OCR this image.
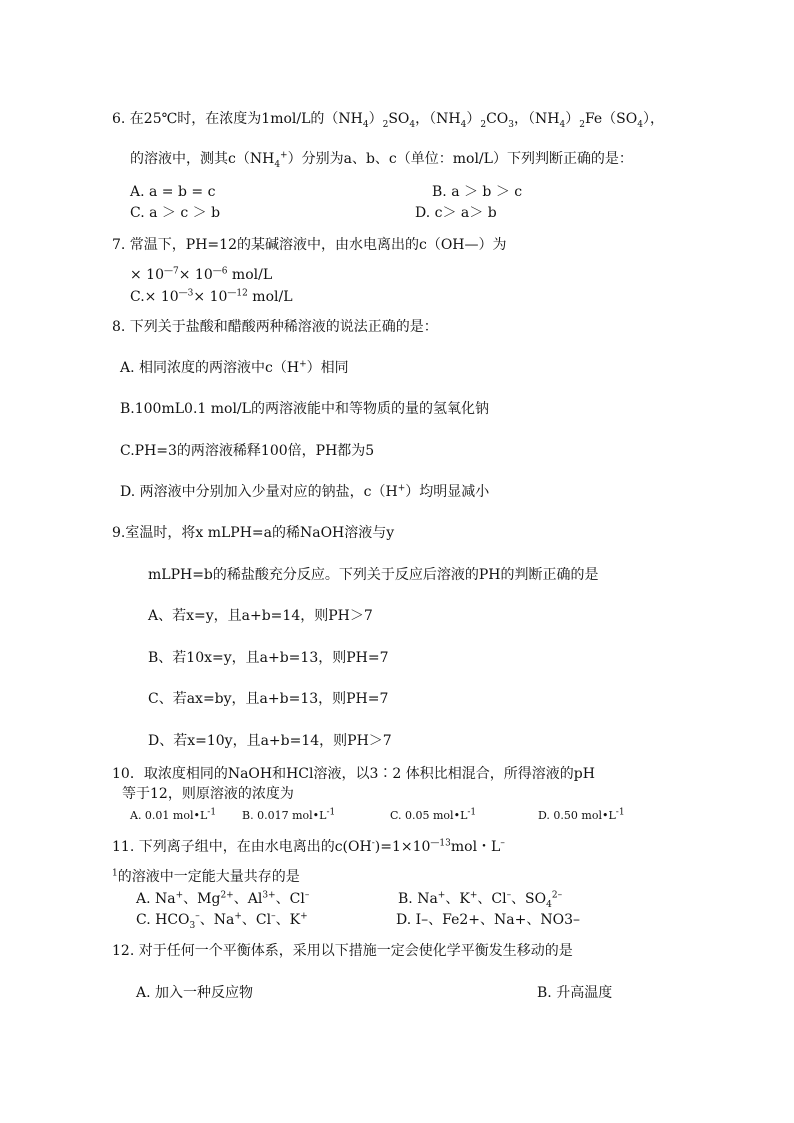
6. 在25℃时，在浓度为1mol/L的$(NH_4)_2SO_4$，$(NH_4)_2CO_3$，$(NH_4)_2Fe(SO_4)$，
的溶液中，测其$c(NH_4^+)$分别为a、b、c（单位：mol/L）下列判断正确的是：
A. a = b = c	B. a ＞ b ＞ c
C. a ＞ c ＞ b	D. c＞ a＞ b
7. 常温下，PH=12的某碱溶液中，由水电离出的c（OH—）为
× $10^{—7}\times 10^{—6}$ mol/L
$C.\times 10^{—3}\times 10^{—12}$ mol/L
8. 下列关于盐酸和醋酸两种稀溶液的说法正确的是：
A. 相同浓度的两溶液中c（H+）相同
B.100mL0.1 mol/L的两溶液能中和等物质的量的氢氧化钠
C.PH=3的两溶液稀释100倍，PH都为5
D. 两溶液中分别加入少量对应的钠盐，c（H+）均明显减小
9.室温时，将x mLPH=a的稀NaOH溶液与y
mLPH=b的稀盐酸充分反应。下列关于反应后溶液的PH的判断正确的是
A、若x=y，且a+b=14，则PH＞7
B、若10x=y，且a+b=13，则PH=7
C、若ax=by，且a+b=13，则PH=7
D、若x=10y，且a+b=14，则PH＞7
10．取浓度相同的NaOH和HCl溶液，以3∶2 体积比相混合，所得溶液的pH
等于12，则原溶液的浓度为
A. 0.01 $mol•L^{-1}$ B. 0.017 $mol•L^{-1}$	C. 0.05 $mol•L^{-1}$	D. 0.50 $mol•L^{-1}$
11. 下列离子组中，在由水电离出的$c(OH^-)=1\times 10^{—13}mol$・L–
$^1$的溶液中一定能大量共存的是
A. Na+、$Mg^{2+}$、$Al^{3+}$、Cl–	B. Na+、K+、Cl–、$SO_4^{2-}$
C. $HCO_3^-$、Na+、Cl–、K+	D. I–、Fe2+、Na+、NO3–
12. 对于任何一个平衡体系，采用以下措施一定会使化学平衡发生移动的是
A. 加入一种反应物	B. 升高温度
